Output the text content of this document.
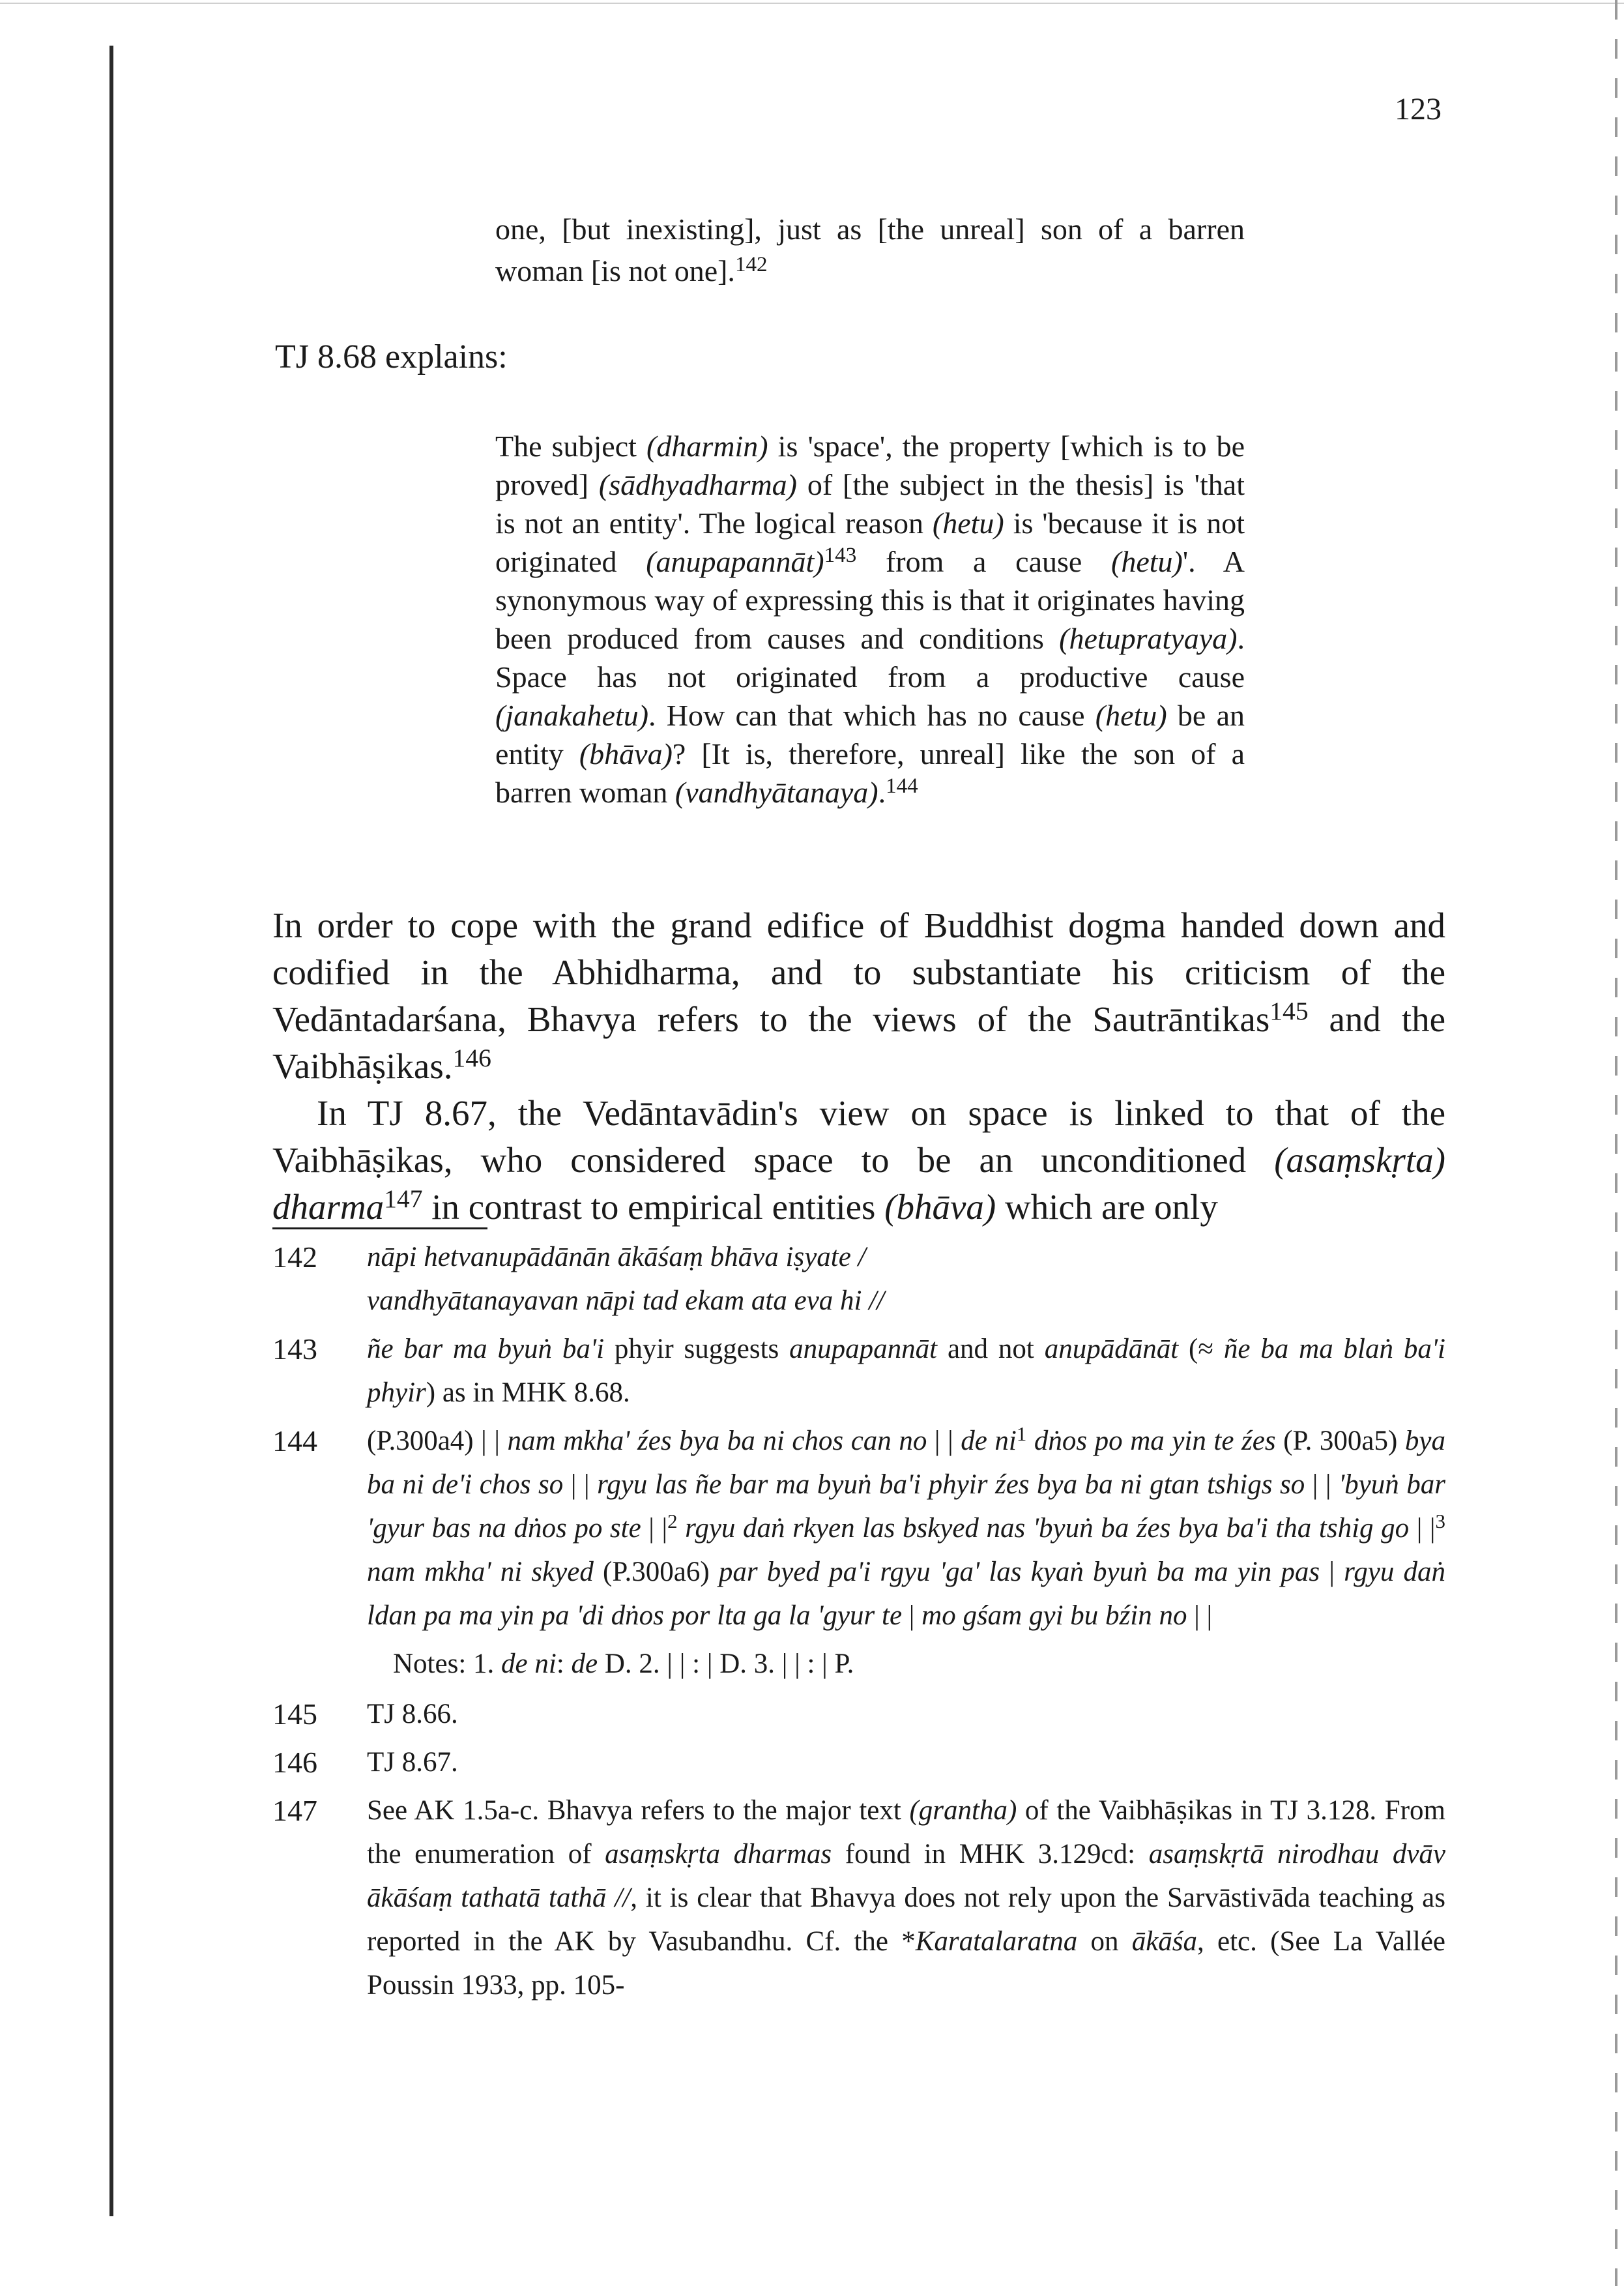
123
one, [but inexisting], just as [the unreal] son of a barren woman [is not one].$^{142}$
TJ 8.68 explains:
The subject (dharmin) is 'space', the property [which is to be proved] (sādhyadharma) of [the subject in the thesis] is 'that is not an entity'. The logical reason (hetu) is 'because it is not originated (anupapannāt)$^{143}$ from a cause (hetu)'. A synonymous way of expressing this is that it originates having been produced from causes and conditions (hetupratyaya). Space has not originated from a productive cause (janakahetu). How can that which has no cause (hetu) be an entity (bhāva)? [It is, therefore, unreal] like the son of a barren woman (vandhyātanaya).$^{144}$

In order to cope with the grand edifice of Buddhist dogma handed down and codified in the Abhidharma, and to substantiate his criticism of the Vedāntadarśana, Bhavya refers to the views of the Sautrāntikas$^{145}$ and the Vaibhāṣikas.$^{146}$

In TJ 8.67, the Vedāntavādin's view on space is linked to that of the Vaibhāṣikas, who considered space to be an unconditioned (asaṃskṛta) dharma$^{147}$ in contrast to empirical entities (bhāva) which are only

142 nāpi hetvanupādānān ākāśaṃ bhāva iṣyate /
vandhyātanayavan nāpi tad ekam ata eva hi //
143 ñe bar ma byuṅ ba'i phyir suggests anupapannāt and not anupādānāt (≈ ñe ba ma blaṅ ba'i phyir) as in MHK 8.68.
144 (P.300a4) | | nam mkha' źes bya ba ni chos can no | | de $ni^1$ dṅos po ma yin te źes (P. 300a5) bya ba ni de'i chos so | | rgyu las ñe bar ma byuṅ ba'i phyir źes bya ba ni gtan tshigs so | | 'byuṅ bar 'gyur bas na dṅos po ste | $|^2$ rgyu daṅ rkyen las bskyed nas 'byuṅ ba źes bya ba'i tha tshig go | $|^3$ nam mkha' ni skyed (P.300a6) par byed pa'i rgyu 'ga' las kyaṅ byuṅ ba ma yin pas | rgyu daṅ ldan pa ma yin pa 'di dṅos por lta ga la 'gyur te | mo gśam gyi bu bźin no | |
Notes: 1. de ni: de D. 2. | | : | D. 3. | | : | P.
145 TJ 8.66.
146 TJ 8.67.
147 See AK 1.5a-c. Bhavya refers to the major text (grantha) of the Vaibhāṣikas in TJ 3.128. From the enumeration of asaṃskṛta dharmas found in MHK 3.129cd: asaṃskṛtā nirodhau dvāv ākāśaṃ tathatā tathā //, it is clear that Bhavya does not rely upon the Sarvāstivāda teaching as reported in the AK by Vasubandhu. Cf. the *Karatalaratna on ākāśa, etc. (See La Vallée Poussin 1933, pp. 105-
